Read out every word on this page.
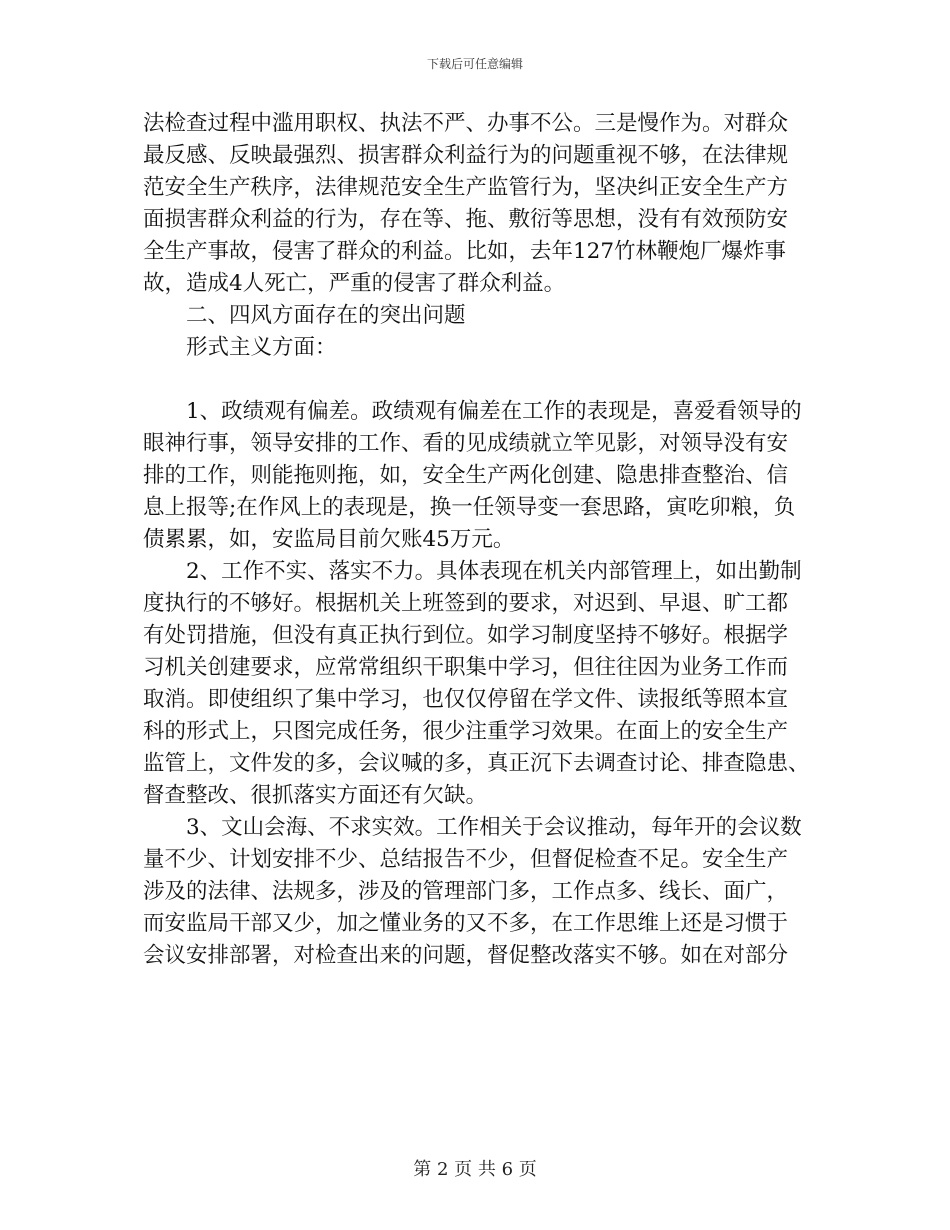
下载后可任意编辑
法检查过程中滥用职权、执法不严、办事不公。三是慢作为。对群众
最反感、反映最强烈、损害群众利益行为的问题重视不够，在法律规
范安全生产秩序，法律规范安全生产监管行为，坚决纠正安全生产方
面损害群众利益的行为，存在等、拖、敷衍等思想，没有有效预防安
全生产事故，侵害了群众的利益。比如，去年127竹林鞭炮厂爆炸事
故，造成4人死亡，严重的侵害了群众利益。
二、四风方面存在的突出问题
形式主义方面：
1、政绩观有偏差。政绩观有偏差在工作的表现是，喜爱看领导的
眼神行事，领导安排的工作、看的见成绩就立竿见影，对领导没有安
排的工作，则能拖则拖，如，安全生产两化创建、隐患排查整治、信
息上报等;在作风上的表现是，换一任领导变一套思路，寅吃卯粮，负
债累累，如，安监局目前欠账45万元。
2、工作不实、落实不力。具体表现在机关内部管理上，如出勤制
度执行的不够好。根据机关上班签到的要求，对迟到、早退、旷工都
有处罚措施，但没有真正执行到位。如学习制度坚持不够好。根据学
习机关创建要求，应常常组织干职集中学习，但往往因为业务工作而
取消。即使组织了集中学习，也仅仅停留在学文件、读报纸等照本宣
科的形式上，只图完成任务，很少注重学习效果。在面上的安全生产
监管上，文件发的多，会议喊的多，真正沉下去调查讨论、排查隐患、
督查整改、很抓落实方面还有欠缺。
3、文山会海、不求实效。工作相关于会议推动，每年开的会议数
量不少、计划安排不少、总结报告不少，但督促检查不足。安全生产
涉及的法律、法规多，涉及的管理部门多，工作点多、线长、面广，
而安监局干部又少，加之懂业务的又不多，在工作思维上还是习惯于
会议安排部署，对检查出来的问题，督促整改落实不够。如在对部分
第 2 页 共 6 页
